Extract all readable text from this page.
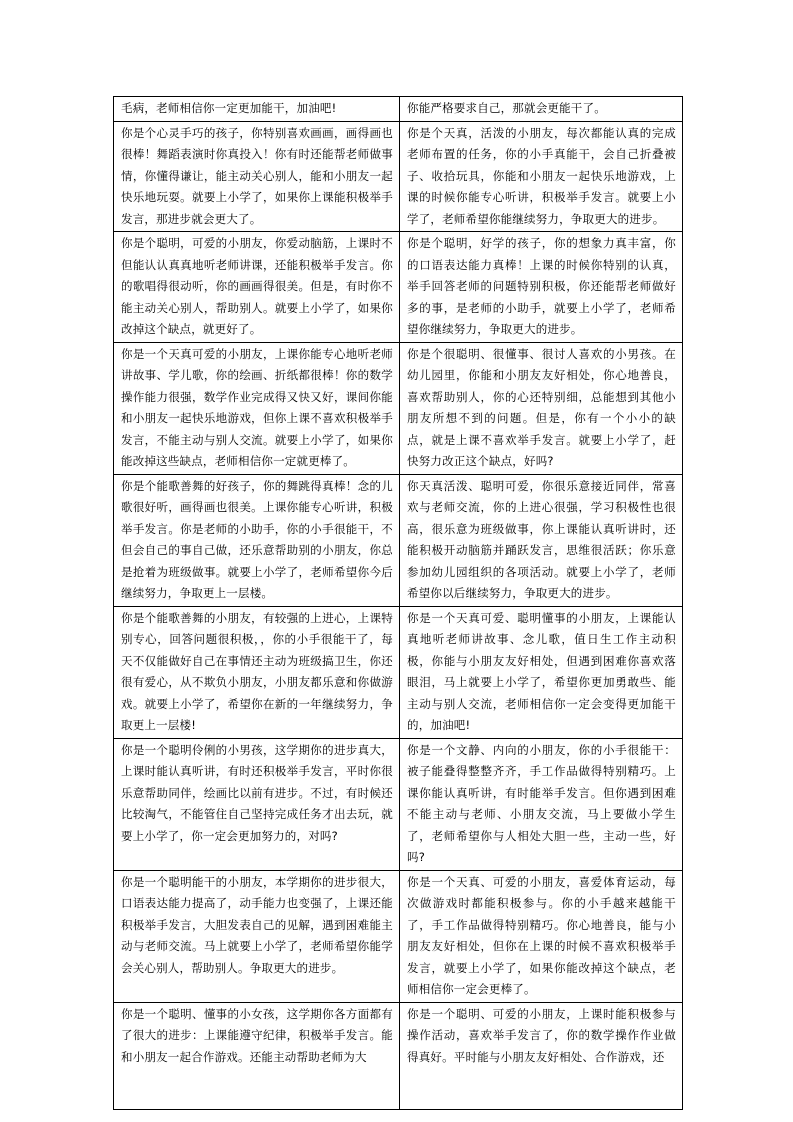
毛病，老师相信你一定更加能干，加油吧!	你能严格要求自己，那就会更能干了。
你是个心灵手巧的孩子，你特别喜欢画画，画得画也很棒！舞蹈表演时你真投入！你有时还能帮老师做事情，你懂得谦让，能主动关心别人，能和小朋友一起快乐地玩耍。就要上小学了，如果你上课能积极举手发言，那进步就会更大了。	你是个天真，活泼的小朋友，每次都能认真的完成老师布置的任务，你的小手真能干，会自己折叠被子、收拾玩具，你能和小朋友一起快乐地游戏，上课的时候你能专心听讲，积极举手发言。就要上小学了，老师希望你能继续努力，争取更大的进步。
你是个聪明，可爱的小朋友，你爱动脑筋，上课时不但能认认真真地听老师讲课，还能积极举手发言。你的歌唱得很动听，你的画画得很美。但是，有时你不能主动关心别人，帮助别人。就要上小学了，如果你改掉这个缺点，就更好了。	你是个聪明，好学的孩子，你的想象力真丰富，你的口语表达能力真棒！上课的时候你特别的认真，举手回答老师的问题特别积极，你还能帮老师做好多的事，是老师的小助手，就要上小学了，老师希望你继续努力，争取更大的进步。
你是一个天真可爱的小朋友，上课你能专心地听老师讲故事、学儿歌，你的绘画、折纸都很棒！你的数学操作能力很强，数学作业完成得又快又好，课间你能和小朋友一起快乐地游戏，但你上课不喜欢积极举手发言，不能主动与别人交流。就要上小学了，如果你能改掉这些缺点，老师相信你一定就更棒了。	你是个很聪明、很懂事、很讨人喜欢的小男孩。在幼儿园里，你能和小朋友友好相处，你心地善良，喜欢帮助别人，你的心还特别细，总能想到其他小朋友所想不到的问题。但是，你有一个小小的缺点，就是上课不喜欢举手发言。就要上小学了，赶快努力改正这个缺点，好吗?
你是个能歌善舞的好孩子，你的舞跳得真棒！念的儿歌很好听，画得画也很美。上课你能专心听讲，积极举手发言。你是老师的小助手，你的小手很能干，不但会自己的事自己做，还乐意帮助别的小朋友，你总是抢着为班级做事。就要上小学了，老师希望你今后继续努力，争取更上一层楼。	你天真活泼、聪明可爱，你很乐意接近同伴，常喜欢与老师交流，你的上进心很强，学习积极性也很高，很乐意为班级做事，你上课能认真听讲时，还能积极开动脑筋并踊跃发言，思维很活跃；你乐意参加幼儿园组织的各项活动。就要上小学了，老师希望你以后继续努力，争取更大的进步。
你是个能歌善舞的小朋友，有较强的上进心，上课特别专心，回答问题很积极，，你的小手很能干了，每天不仅能做好自己在事情还主动为班级搞卫生，你还很有爱心，从不欺负小朋友，小朋友都乐意和你做游戏。就要上小学了，希望你在新的一年继续努力，争取更上一层楼!	你是一个天真可爱、聪明懂事的小朋友，上课能认真地听老师讲故事、念儿歌，值日生工作主动积极，你能与小朋友友好相处，但遇到困难你喜欢落眼泪，马上就要上小学了，希望你更加勇敢些、能主动与别人交流，老师相信你一定会变得更加能干的，加油吧!
你是一个聪明伶俐的小男孩，这学期你的进步真大，上课时能认真听讲，有时还积极举手发言，平时你很乐意帮助同伴，绘画比以前有进步。不过，有时候还比较淘气，不能管住自己坚持完成任务才出去玩，就要上小学了，你一定会更加努力的，对吗?	你是一个文静、内向的小朋友，你的小手很能干：被子能叠得整整齐齐，手工作品做得特别精巧。上课你能认真听讲，有时能举手发言。但你遇到困难不能主动与老师、小朋友交流，马上要做小学生了，老师希望你与人相处大胆一些，主动一些，好吗?
你是一个聪明能干的小朋友，本学期你的进步很大，口语表达能力提高了，动手能力也变强了，上课还能积极举手发言，大胆发表自己的见解，遇到困难能主动与老师交流。马上就要上小学了，老师希望你能学会关心别人，帮助别人。争取更大的进步。	你是一个天真、可爱的小朋友，喜爱体育运动，每次做游戏时都能积极参与。你的小手越来越能干了，手工作品做得特别精巧。你心地善良，能与小朋友友好相处，但你在上课的时候不喜欢积极举手发言，就要上小学了，如果你能改掉这个缺点，老师相信你一定会更棒了。
你是一个聪明、懂事的小女孩，这学期你各方面都有了很大的进步：上课能遵守纪律，积极举手发言。能和小朋友一起合作游戏。还能主动帮助老师为大	你是一个聪明、可爱的小朋友，上课时能积极参与操作活动，喜欢举手发言了，你的数学操作作业做得真好。平时能与小朋友友好相处、合作游戏，还
